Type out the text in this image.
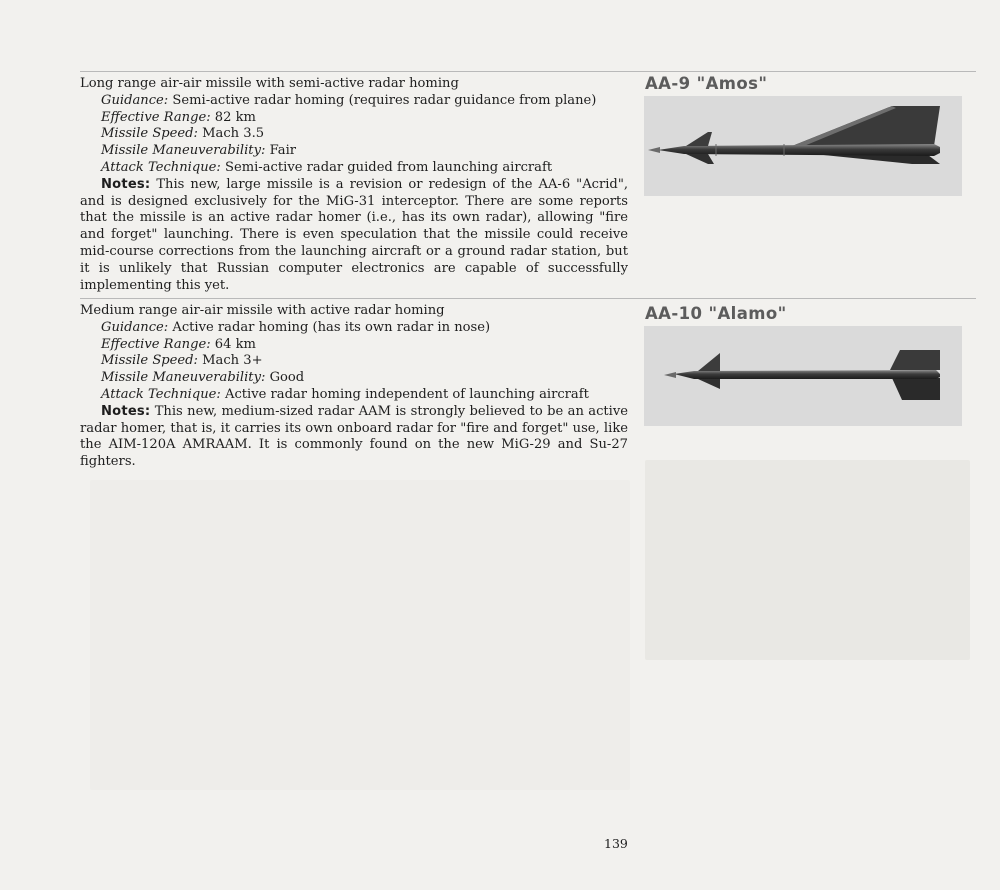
Long range air-air missile with semi-active radar homing

Guidance: Semi-active radar homing (requires radar guidance from plane)
Effective Range: 82 km
Missile Speed: Mach 3.5
Missile Maneuverability: Fair
Attack Technique: Semi-active radar guided from launching aircraft

Notes: This new, large missile is a revision or redesign of the AA-6 "Acrid", and is designed exclusively for the MiG-31 interceptor. There are some reports that the missile is an active radar homer (i.e., has its own radar), allowing "fire and forget" launching. There is even speculation that the missile could receive mid-course corrections from the launching aircraft or a ground radar station, but it is unlikely that Russian computer electronics are capable of successfully implementing this yet.

AA-9 "Amos"

Medium range air-air missile with active radar homing

Guidance: Active radar homing (has its own radar in nose)
Effective Range: 64 km
Missile Speed: Mach 3+
Missile Maneuverability: Good
Attack Technique: Active radar homing independent of launching aircraft

Notes: This new, medium-sized radar AAM is strongly believed to be an active radar homer, that is, it carries its own onboard radar for "fire and forget" use, like the AIM-120A AMRAAM. It is commonly found on the new MiG-29 and Su-27 fighters.

AA-10 "Alamo"
139
